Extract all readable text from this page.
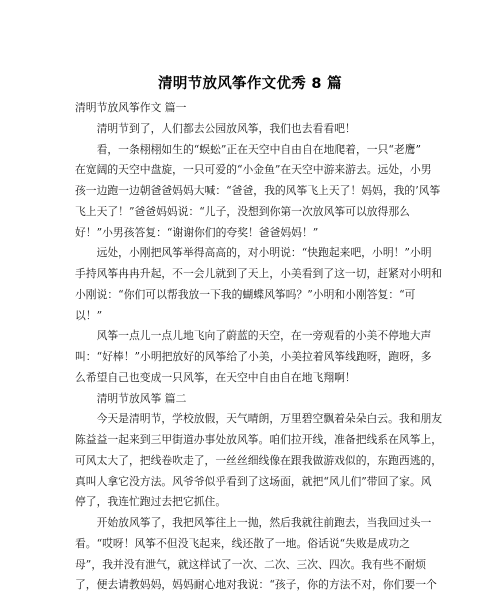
清明节放风筝作文优秀 8 篇
清明节放风筝作文 篇一
　　清明节到了，人们都去公园放风筝，我们也去看看吧！
　　看，一条栩栩如生的“蜈蚣”正在天空中自由自在地爬着，一只“老鹰”
在宽阔的天空中盘旋，一只可爱的“小金鱼”在天空中游来游去。远处，小男
孩一边跑一边朝爸爸妈妈大喊：“爸爸，我的风筝飞上天了！妈妈，我的’风筝
飞上天了！”爸爸妈妈说：“儿子，没想到你第一次放风筝可以放得那么
好！”小男孩答复：“谢谢你们的夸奖！爸爸妈妈！”
　　远处，小刚把风筝举得高高的，对小明说：“快跑起来吧，小明！”小明
手持风筝冉冉升起，不一会儿就到了天上，小美看到了这一切，赶紧对小明和
小刚说：“你们可以帮我放一下我的蝴蝶风筝吗？”小明和小刚答复：“可
以！”
　　风筝一点儿一点儿地飞向了蔚蓝的天空，在一旁观看的小美不停地大声
叫：“好棒！”小明把放好的风筝给了小美，小美拉着风筝线跑呀，跑呀，多
么希望自己也变成一只风筝，在天空中自由自在地飞翔啊！
　　清明节放风筝 篇二
　　今天是清明节，学校放假，天气晴朗，万里碧空飘着朵朵白云。我和朋友
陈益益一起来到三甲街道办事处放风筝。咱们拉开线，准备把线系在风筝上，
可风太大了，把线卷吹走了，一丝丝细线像在跟我做游戏似的，东跑西逃的，
真叫人拿它没方法。风爷爷似乎看到了这场面，就把“风儿们”带回了家。风
停了，我连忙跑过去把它抓住。
　　开始放风筝了，我把风筝往上一抛，然后我就往前跑去，当我回过头一
看。“哎呀！风筝不但没飞起来，线还散了一地。俗话说“失败是成功之
母”，我并没有泄气，就这样试了一次、二次、三次、四次。我有些不耐烦
了，便去请教妈妈，妈妈耐心地对我说：“孩子，你的方法不对，你们要一个
